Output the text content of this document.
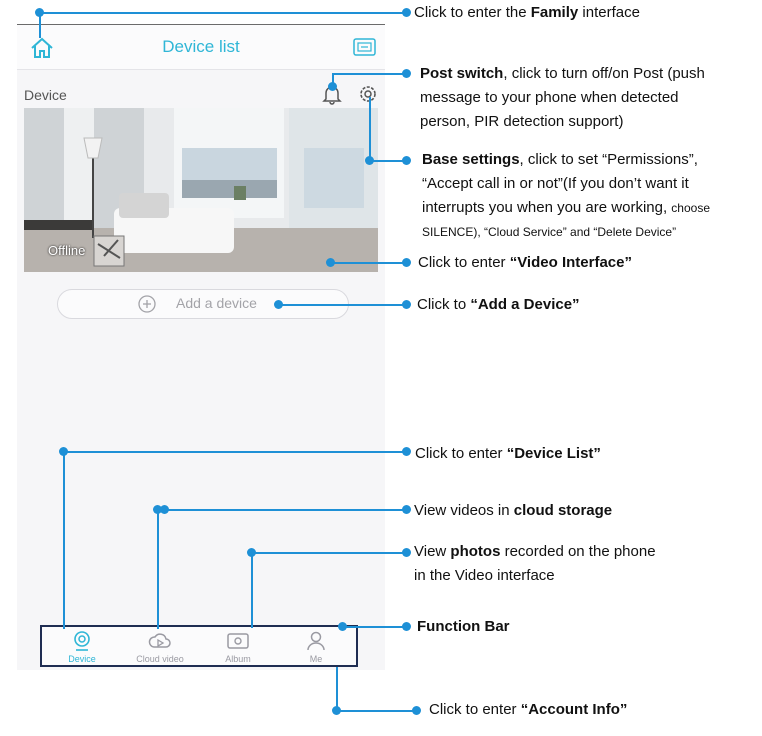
Device list
Device
Offline
Add a device
Device	Cloud video	Album	Me
Click to enter the Family interface
Post switch, click to turn off/on Post (push
message to your phone when detected
person, PIR detection support)
Base settings, click to set “Permissions”,
“Accept call in or not”(If you don’t want it
interrupts you when you are working, choose
SILENCE), “Cloud Service” and “Delete Device”
Click to enter “Video Interface”
Click to “Add a Device”
Click to enter “Device List”
View videos in cloud storage
View photos recorded on the phone
in the Video interface
Function Bar
Click to enter “Account Info”
